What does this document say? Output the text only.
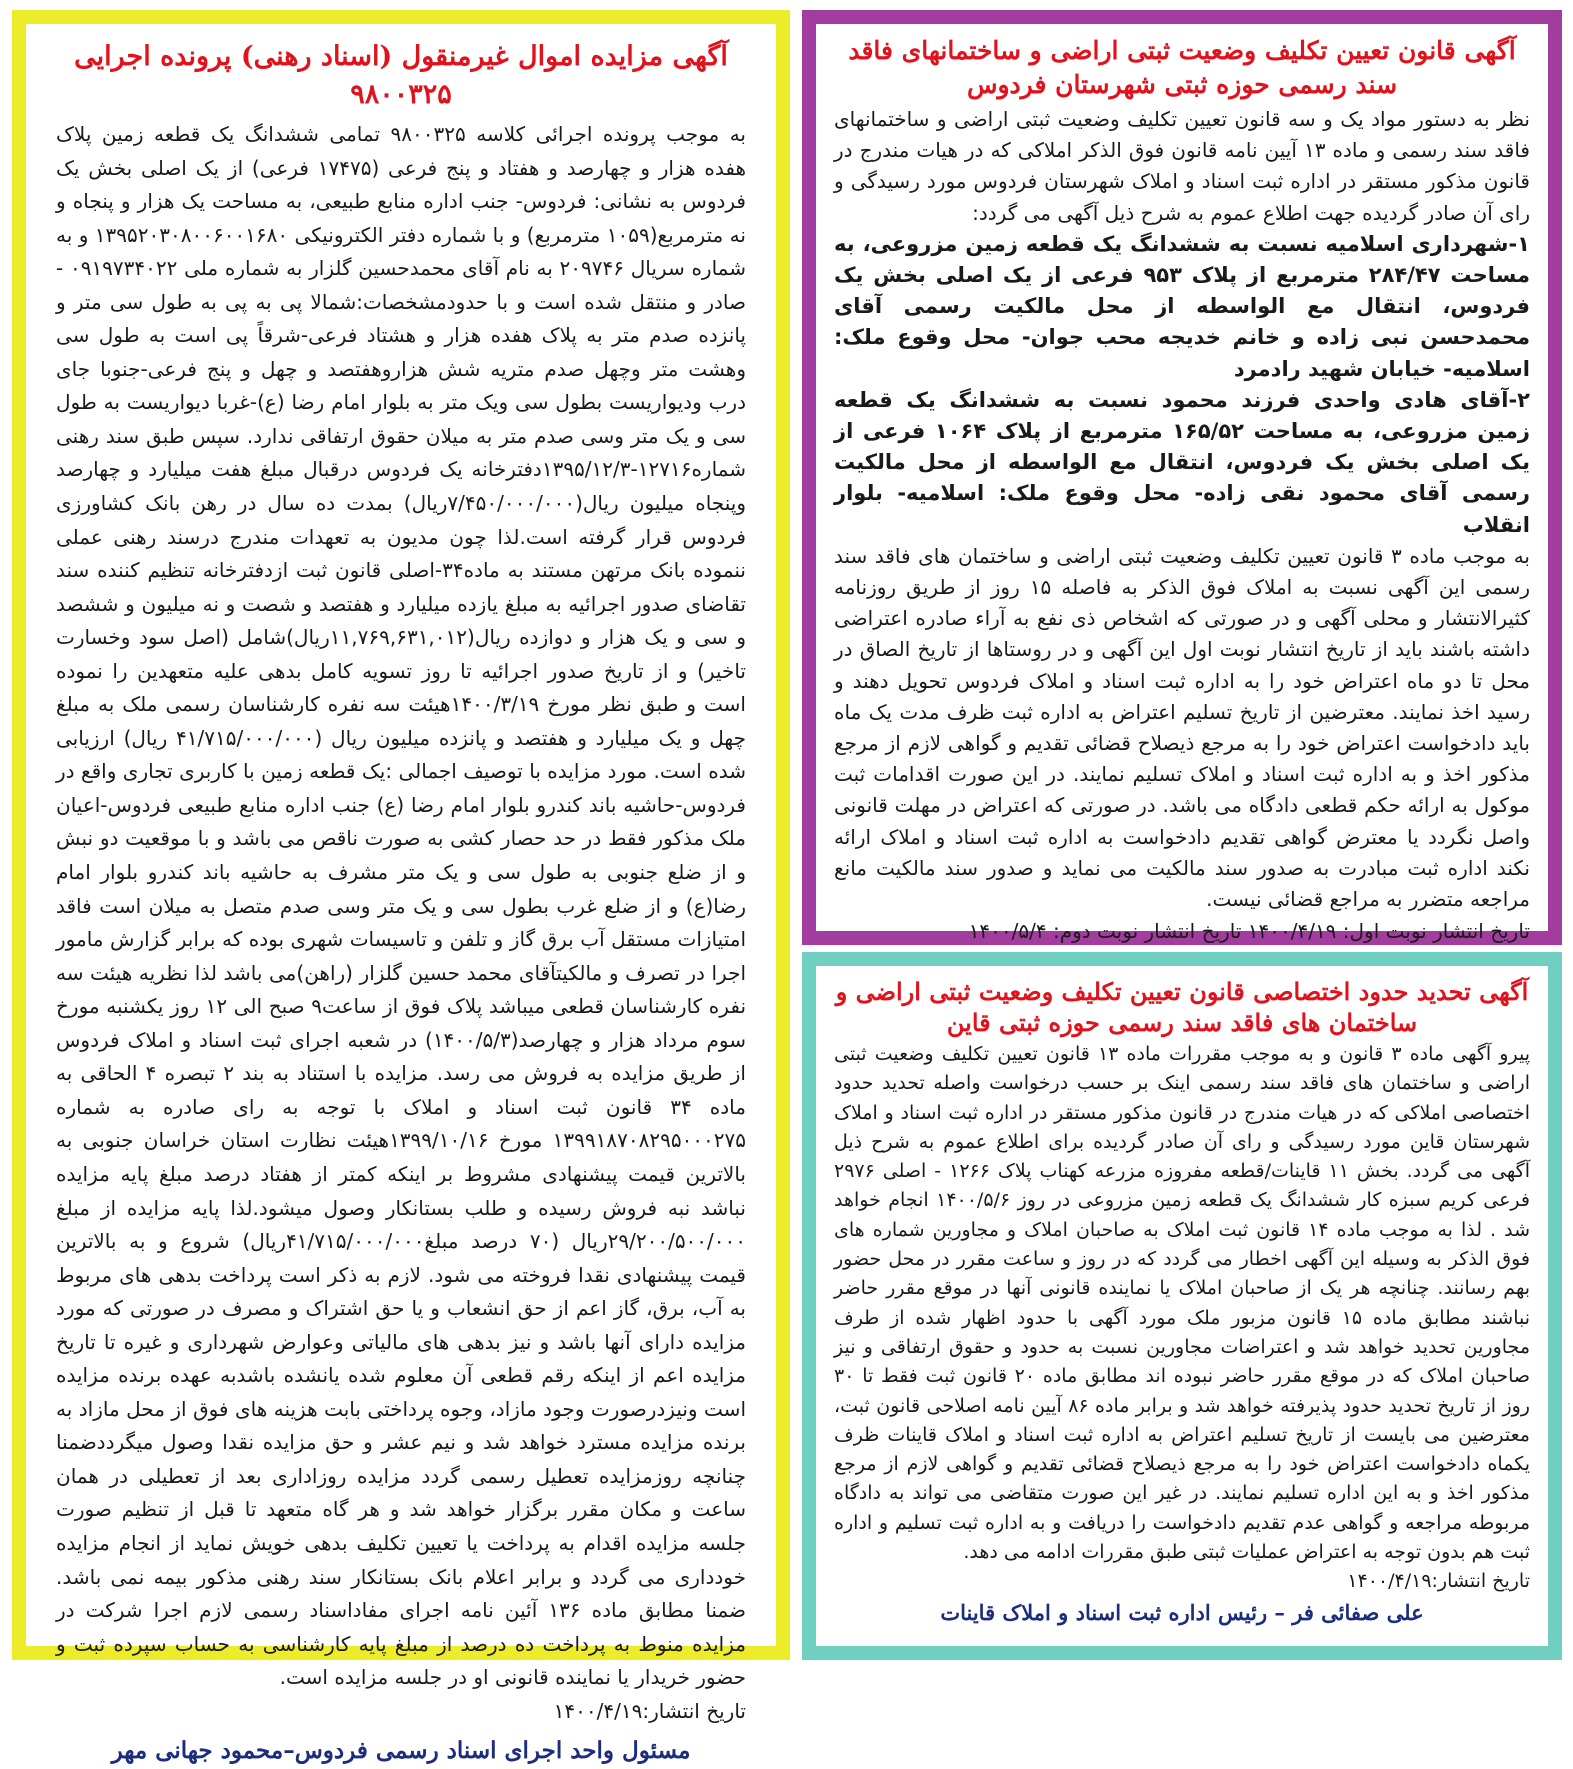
آگهی مزایده اموال غیرمنقول (اسناد رهنی) پرونده اجرایی ۹۸۰۰۳۲۵

به موجب پرونده اجرائی کلاسه ۹۸۰۰۳۲۵ تمامی ششدانگ یک قطعه زمین پلاک هفده هزار و چهارصد و هفتاد و پنج فرعی (۱۷۴۷۵ فرعی) از یک اصلی بخش یک فردوس به نشانی: فردوس- جنب اداره منابع طبیعی، به مساحت یک هزار و پنجاه و نه مترمربع(۱۰۵۹ مترمربع) و با شماره دفتر الکترونیکی ۱۳۹۵۲۰۳۰۸۰۰۶۰۰۱۶۸۰ و به شماره سریال ۲۰۹۷۴۶ به نام آقای محمدحسین گلزار به شماره ملی ۰۹۱۹۷۳۴۰۲۲ - صادر و منتقل شده است و با حدودمشخصات:شمالا پی به پی به طول سی متر و پانزده صدم متر به پلاک هفده هزار و هشتاد فرعی-شرقاً پی است به طول سی وهشت متر وچهل صدم متریه شش هزاروهفتصد و چهل و پنج فرعی-جنوبا جای درب ودیواریست بطول سی ویک متر به بلوار امام رضا (ع)-غربا دیواریست به طول سی و یک متر وسی صدم متر به میلان حقوق ارتفاقی ندارد. سپس طبق سند رهنی شماره۱۲۷۱۶-۱۳۹۵/۱۲/۳دفترخانه یک فردوس درقبال مبلغ هفت میلیارد و چهارصد وپنجاه میلیون ریال(۷/۴۵۰/۰۰۰/۰۰۰ریال) بمدت ده سال در رهن بانک کشاورزی فردوس قرار گرفته است.لذا چون مدیون به تعهدات مندرج درسند رهنی عملی ننموده بانک مرتهن مستند به ماده۳۴-اصلی قانون ثبت ازدفترخانه تنظیم کننده سند تقاضای صدور اجرائیه به مبلغ یازده میلیارد و هفتصد و شصت و نه میلیون و ششصد و سی و یک هزار و دوازده ریال(۱۱,۷۶۹,۶۳۱,۰۱۲ریال)شامل (اصل سود وخسارت تاخیر) و از تاریخ صدور اجرائیه تا روز تسویه کامل بدهی علیه متعهدین را نموده است و طبق نظر مورخ ۱۴۰۰/۳/۱۹هیئت سه نفره کارشناسان رسمی ملک به مبلغ چهل و یک میلیارد و هفتصد و پانزده میلیون ریال (۴۱/۷۱۵/۰۰۰/۰۰۰ ریال) ارزیابی شده است. مورد مزایده با توصیف اجمالی :یک قطعه زمین با کاربری تجاری واقع در فردوس-حاشیه باند کندرو بلوار امام رضا (ع) جنب اداره منابع طبیعی فردوس-اعیان ملک مذکور فقط در حد حصار کشی به صورت ناقص می باشد و با موقعیت دو نبش و از ضلع جنوبی به طول سی و یک متر مشرف به حاشیه باند کندرو بلوار امام رضا(ع) و از ضلع غرب بطول سی و یک متر وسی صدم متصل به میلان است فاقد امتیازات مستقل آب برق گاز و تلفن و تاسیسات شهری بوده که برابر گزارش مامور اجرا در تصرف و مالکیتآقای محمد حسین گلزار (راهن)می باشد لذا نظریه هیئت سه نفره کارشناسان قطعی میباشد پلاک فوق از ساعت۹ صبح الی ۱۲ روز یکشنبه مورخ سوم مرداد هزار و چهارصد(۱۴۰۰/۵/۳) در شعبه اجرای ثبت اسناد و املاک فردوس از طریق مزایده به فروش می رسد. مزایده با استناد به بند ۲ تبصره ۴ الحاقی به ماده ۳۴ قانون ثبت اسناد و املاک با توجه به رای صادره به شماره ۱۳۹۹۱۸۷۰۸۲۹۵۰۰۰۲۷۵ مورخ ۱۳۹۹/۱۰/۱۶هیئت نظارت استان خراسان جنوبی به بالاترین قیمت پیشنهادی مشروط بر اینکه کمتر از هفتاد درصد مبلغ پایه مزایده نباشد نبه فروش رسیده و طلب بستانکار وصول میشود.لذا پایه مزایده از مبلغ ۲۹/۲۰۰/۵۰۰/۰۰۰ریال (۷۰ درصد مبلغ۴۱/۷۱۵/۰۰۰/۰۰۰ریال) شروع و به بالاترین قیمت پیشنهادی نقدا فروخته می شود. لازم به ذکر است پرداخت بدهی های مربوط به آب، برق، گاز اعم از حق انشعاب و یا حق اشتراک و مصرف در صورتی که مورد مزایده دارای آنها باشد و نیز بدهی های مالیاتی وعوارض شهرداری و غیره تا تاریخ مزایده اعم از اینکه رقم قطعی آن معلوم شده یانشده باشدبه عهده برنده مزایده است ونیزدرصورت وجود مازاد، وجوه پرداختی بابت هزینه های فوق از محل مازاد به برنده مزایده مسترد خواهد شد و نیم عشر و حق مزایده نقدا وصول میگرددضمنا چنانچه روزمزایده تعطیل رسمی گردد مزایده روزاداری بعد از تعطیلی در همان ساعت و مکان مقرر برگزار خواهد شد و هر گاه متعهد تا قبل از تنظیم صورت جلسه مزایده اقدام به پرداخت یا تعیین تکلیف بدهی خویش نماید از انجام مزایده خودداری می گردد و برابر اعلام بانک بستانکار سند رهنی مذکور بیمه نمی باشد. ضمنا مطابق ماده ۱۳۶ آئین نامه اجرای مفاداسناد رسمی لازم اجرا شرکت در مزایده منوط به پرداخت ده درصد از مبلغ پایه کارشناسی به حساب سپرده ثبت و حضور خریدار یا نماینده قانونی او در جلسه مزایده است.

تاریخ انتشار:۱۴۰۰/۴/۱۹

مسئول واحد اجرای اسناد رسمی فردوس–محمود جهانی مهر

آگهی قانون تعیین تکلیف وضعیت ثبتی اراضی و ساختمانهای فاقد سند رسمی حوزه ثبتی شهرستان فردوس

نظر به دستور مواد یک و سه قانون تعیین تکلیف وضعیت ثبتی اراضی و ساختمانهای فاقد سند رسمی و ماده ۱۳ آیین نامه قانون فوق الذکر املاکی که در هیات مندرج در قانون مذکور مستقر در اداره ثبت اسناد و املاک شهرستان فردوس مورد رسیدگی و رای آن صادر گردیده جهت اطلاع عموم به شرح ذیل آگهی می گردد:

۱-شهرداری اسلامیه نسبت به ششدانگ یک قطعه زمین مزروعی، به مساحت ۲۸۴/۴۷ مترمربع از پلاک ۹۵۳ فرعی از یک اصلی بخش یک فردوس، انتقال مع الواسطه از محل مالکیت رسمی آقای محمدحسن نبی زاده و خانم خدیجه محب جوان- محل وقوع ملک: اسلامیه- خیابان شهید رادمرد

۲-آقای هادی واحدی فرزند محمود نسبت به ششدانگ یک قطعه زمین مزروعی، به مساحت ۱۶۵/۵۲ مترمربع از پلاک ۱۰۶۴ فرعی از یک اصلی بخش یک فردوس، انتقال مع الواسطه از محل مالکیت رسمی آقای محمود نقی زاده- محل وقوع ملک: اسلامیه- بلوار انقلاب

به موجب ماده ۳ قانون تعیین تکلیف وضعیت ثبتی اراضی و ساختمان های فاقد سند رسمی این آگهی نسبت به املاک فوق الذکر به فاصله ۱۵ روز از طریق روزنامه کثیرالانتشار و محلی آگهی و در صورتی که اشخاص ذی نفع به آراء صادره اعتراضی داشته باشند باید از تاریخ انتشار نوبت اول این آگهی و در روستاها از تاریخ الصاق در محل تا دو ماه اعتراض خود را به اداره ثبت اسناد و املاک فردوس تحویل دهند و رسید اخذ نمایند. معترضین از تاریخ تسلیم اعتراض به اداره ثبت ظرف مدت یک ماه باید دادخواست اعتراض خود را به مرجع ذیصلاح قضائی تقدیم و گواهی لازم از مرجع مذکور اخذ و به اداره ثبت اسناد و املاک تسلیم نمایند. در این صورت اقدامات ثبت موکول به ارائه حکم قطعی دادگاه می باشد. در صورتی که اعتراض در مهلت قانونی واصل نگردد یا معترض گواهی تقدیم دادخواست به اداره ثبت اسناد و املاک ارائه نکند اداره ثبت مبادرت به صدور سند مالکیت می نماید و صدور سند مالکیت مانع مراجعه متضرر به مراجع قضائی نیست.

تاریخ انتشار نوبت اول: ۱۴۰۰/۴/۱۹ تاریخ انتشار نوبت دوم: ۱۴۰۰/۵/۴

آگهی تحدید حدود اختصاصی قانون تعیین تکلیف وضعیت ثبتی اراضی و ساختمان های فاقد سند رسمی حوزه ثبتی قاین

پیرو آگهی ماده ۳ قانون و به موجب مقررات ماده ۱۳ قانون تعیین تکلیف وضعیت ثبتی اراضی و ساختمان های فاقد سند رسمی اینک بر حسب درخواست واصله تحدید حدود اختصاصی املاکی که در هیات مندرج در قانون مذکور مستقر در اداره ثبت اسناد و املاک شهرستان قاین مورد رسیدگی و رای آن صادر گردیده برای اطلاع عموم به شرح ذیل آگهی می گردد. بخش ۱۱ قاینات/قطعه مفروزه مزرعه کهناب پلاک ۱۲۶۶ - اصلی ۲۹۷۶ فرعی کریم سبزه کار ششدانگ یک قطعه زمین مزروعی در روز ۱۴۰۰/۵/۶ انجام خواهد شد . لذا به موجب ماده ۱۴ قانون ثبت املاک به صاحبان املاک و مجاورین شماره های فوق الذکر به وسیله این آگهی اخطار می گردد که در روز و ساعت مقرر در محل حضور بهم رسانند. چنانچه هر یک از صاحبان املاک یا نماینده قانونی آنها در موقع مقرر حاضر نباشند مطابق ماده ۱۵ قانون مزبور ملک مورد آگهی با حدود اظهار شده از طرف مجاورین تحدید خواهد شد و اعتراضات مجاورین نسبت به حدود و حقوق ارتفاقی و نیز صاحبان املاک که در موقع مقرر حاضر نبوده اند مطابق ماده ۲۰ قانون ثبت فقط تا ۳۰ روز از تاریخ تحدید حدود پذیرفته خواهد شد و برابر ماده ۸۶ آیین نامه اصلاحی قانون ثبت، معترضین می بایست از تاریخ تسلیم اعتراض به اداره ثبت اسناد و املاک قاینات ظرف یکماه دادخواست اعتراض خود را به مرجع ذیصلاح قضائی تقدیم و گواهی لازم از مرجع مذکور اخذ و به این اداره تسلیم نمایند. در غیر این صورت متقاضی می تواند به دادگاه مربوطه مراجعه و گواهی عدم تقدیم دادخواست را دریافت و به اداره ثبت تسلیم و اداره ثبت هم بدون توجه به اعتراض عملیات ثبتی طبق مقررات ادامه می دهد.

تاریخ انتشار:۱۴۰۰/۴/۱۹

علی صفائی فر – رئیس اداره ثبت اسناد و املاک قاینات
